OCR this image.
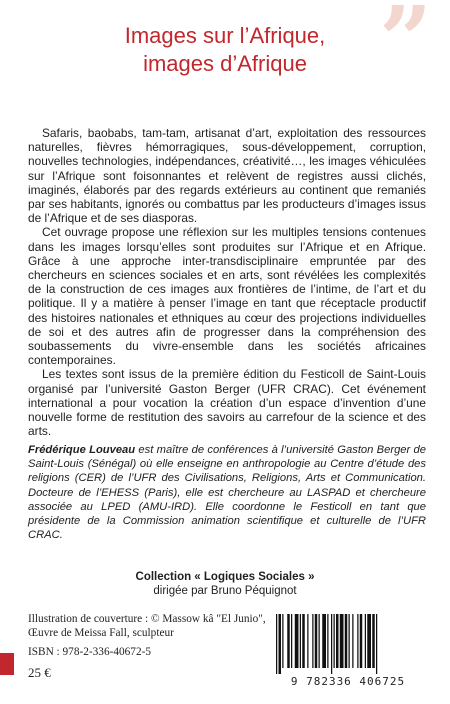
”
Images sur l’Afrique,
images d’Afrique

Safaris, baobabs, tam-tam, artisanat d’art, exploitation des ressources naturelles, fièvres hémorragiques, sous-développement, corruption, nouvelles technologies, indépendances, créativité…, les images véhiculées sur l’Afrique sont foisonnantes et relèvent de registres aussi clichés, imaginés, élaborés par des regards extérieurs au continent que remaniés par ses habitants, ignorés ou combattus par les producteurs d’images issus de l’Afrique et de ses diasporas.

Cet ouvrage propose une réflexion sur les multiples tensions contenues dans les images lorsqu’elles sont produites sur l’Afrique et en Afrique. Grâce à une approche inter-transdisciplinaire empruntée par des chercheurs en sciences sociales et en arts, sont révélées les complexités de la construction de ces images aux frontières de l’intime, de l’art et du politique. Il y a matière à penser l’image en tant que réceptacle productif des histoires nationales et ethniques au cœur des projections individuelles de soi et des autres afin de progresser dans la compréhension des soubassements du vivre-ensemble dans les sociétés africaines contemporaines.

Les textes sont issus de la première édition du Festicoll de Saint-Louis organisé par l’université Gaston Berger (UFR CRAC). Cet événement international a pour vocation la création d’un espace d’invention d’une nouvelle forme de restitution des savoirs au carrefour de la science et des arts.

Frédérique Louveau est maître de conférences à l’université Gaston Berger de Saint-Louis (Sénégal) où elle enseigne en anthropologie au Centre d’étude des religions (CER) de l’UFR des Civilisations, Religions, Arts et Communication. Docteure de l’EHESS (Paris), elle est chercheure au LASPAD et chercheure associée au LPED (AMU-IRD). Elle coordonne le Festicoll en tant que présidente de la Commission animation scientifique et culturelle de l’UFR CRAC.
Collection « Logiques Sociales »
dirigée par Bruno Péquignot
Illustration de couverture : © Massow kâ "El Junio",
Œuvre de Meissa Fall, sculpteur
ISBN : 978-2-336-40672-5
25 €
9 782336 406725
